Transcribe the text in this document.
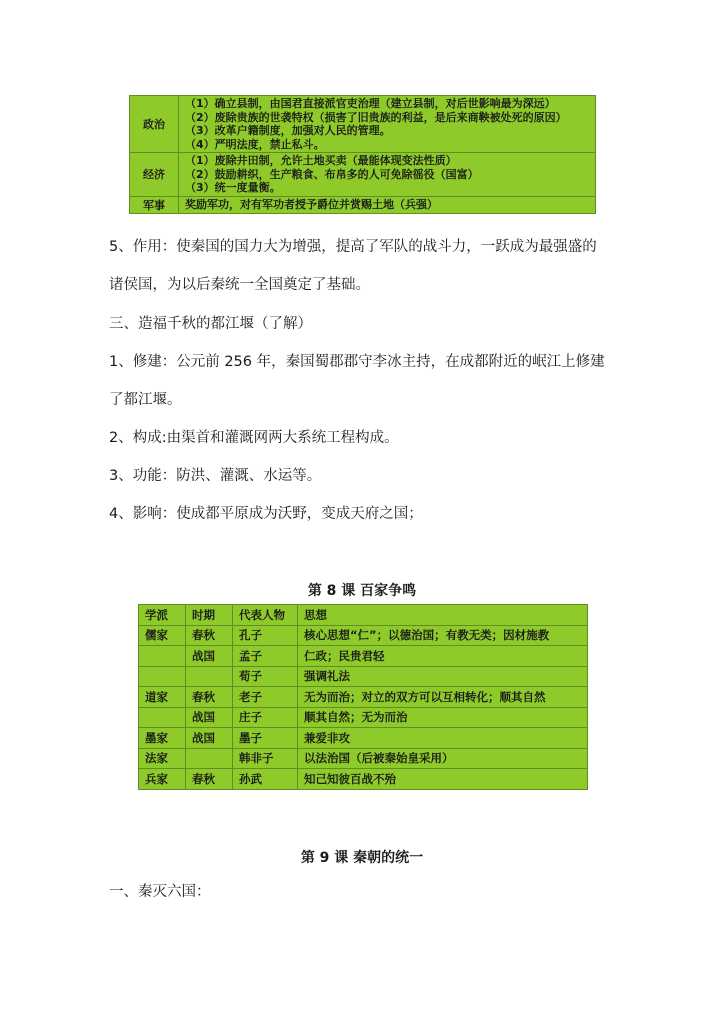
政治	（1）确立县制，由国君直接派官吏治理（建立县制，对后世影响最为深远）
（2）废除贵族的世袭特权（损害了旧贵族的利益，是后来商鞅被处死的原因）
（3）改革户籍制度，加强对人民的管理。
（4）严明法度，禁止私斗。

经济	（1）废除井田制，允许土地买卖（最能体现变法性质）
（2）鼓励耕织，生产粮食、布帛多的人可免除徭役（国富）
（3）统一度量衡。

军事	奖励军功，对有军功者授予爵位并赏赐土地（兵强）
5、作用：使秦国的国力大为增强，提高了军队的战斗力，一跃成为最强盛的
诸侯国，为以后秦统一全国奠定了基础。
三、造福千秋的都江堰（了解）
1、修建：公元前 256 年，秦国蜀郡郡守李冰主持，在成都附近的岷江上修建
了都江堰。
2、构成:由渠首和灌溉网两大系统工程构成。
3、功能：防洪、灌溉、水运等。
4、影响：使成都平原成为沃野，变成天府之国；
第 8 课 百家争鸣
学派	时期	代表人物	思想
儒家	春秋	孔子	核心思想“仁”；以德治国；有教无类；因材施教
	战国	孟子	仁政；民贵君轻
		荀子	强调礼法
道家	春秋	老子	无为而治；对立的双方可以互相转化；顺其自然
	战国	庄子	顺其自然；无为而治
墨家	战国	墨子	兼爱非攻
法家		韩非子	以法治国（后被秦始皇采用）
兵家	春秋	孙武	知己知彼百战不殆
第 9 课 秦朝的统一
一、秦灭六国：
